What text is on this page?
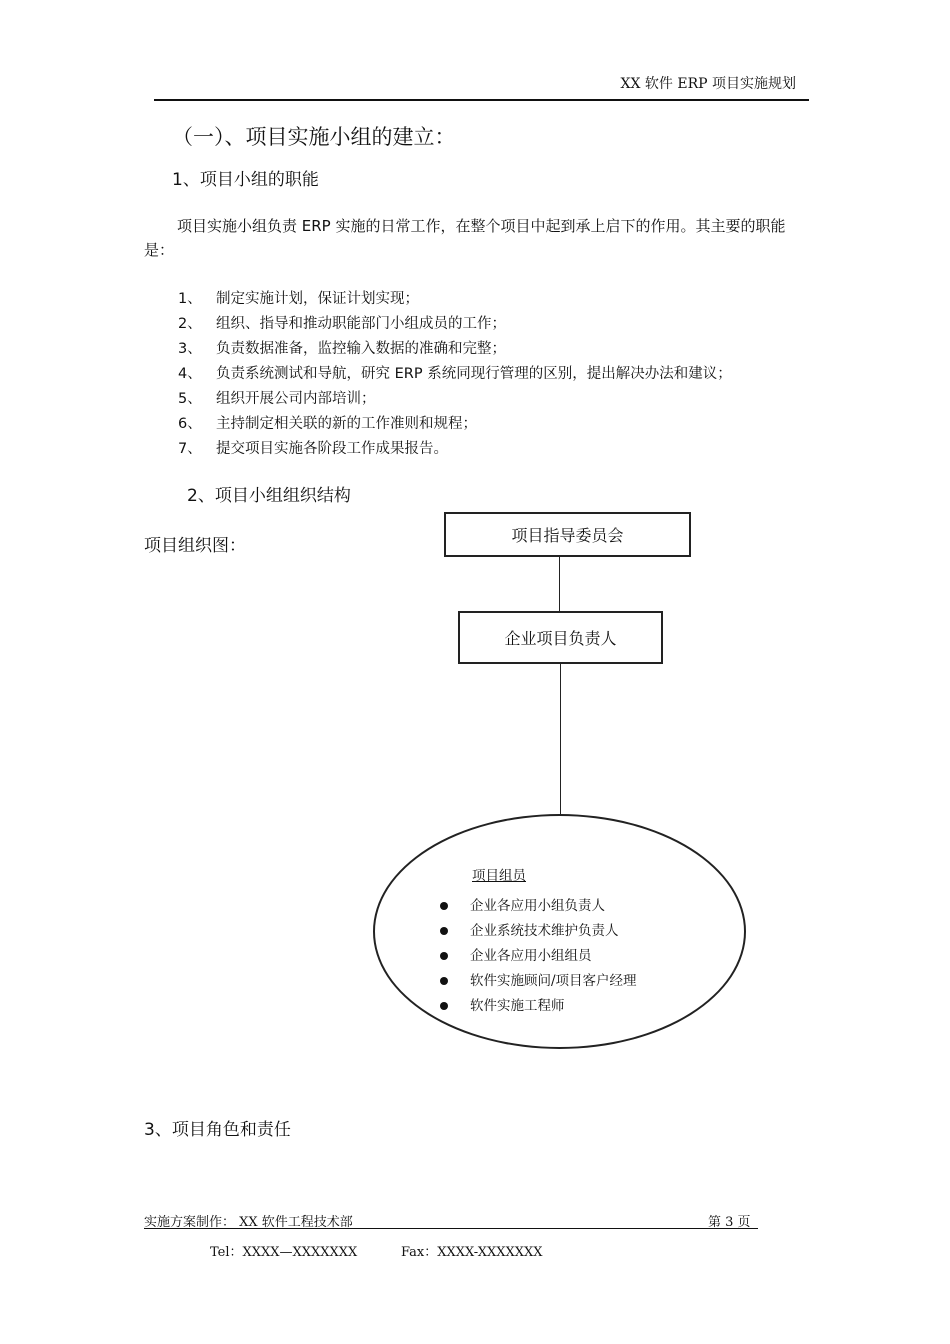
XX 软件 ERP 项目实施规划
（一）、项目实施小组的建立：
1、项目小组的职能
项目实施小组负责 ERP 实施的日常工作，在整个项目中起到承上启下的作用。其主要的职能是：
1、 制定实施计划，保证计划实现；
2、 组织、指导和推动职能部门小组成员的工作；
3、 负责数据准备，监控输入数据的准确和完整；
4、 负责系统测试和导航，研究 ERP 系统同现行管理的区别，提出解决办法和建议；
5、 组织开展公司内部培训；
6、 主持制定相关联的新的工作准则和规程；
7、 提交项目实施各阶段工作成果报告。
2、项目小组组织结构
项目组织图：
项目指导委员会
企业项目负责人
项目组员
企业各应用小组负责人
企业系统技术维护负责人
企业各应用小组组员
软件实施顾问/项目客户经理
软件实施工程师
3、项目角色和责任
实施方案制作： XX 软件工程技术部	第 3 页
Tel：XXXX—XXXXXXX	Fax：XXXX-XXXXXXX
